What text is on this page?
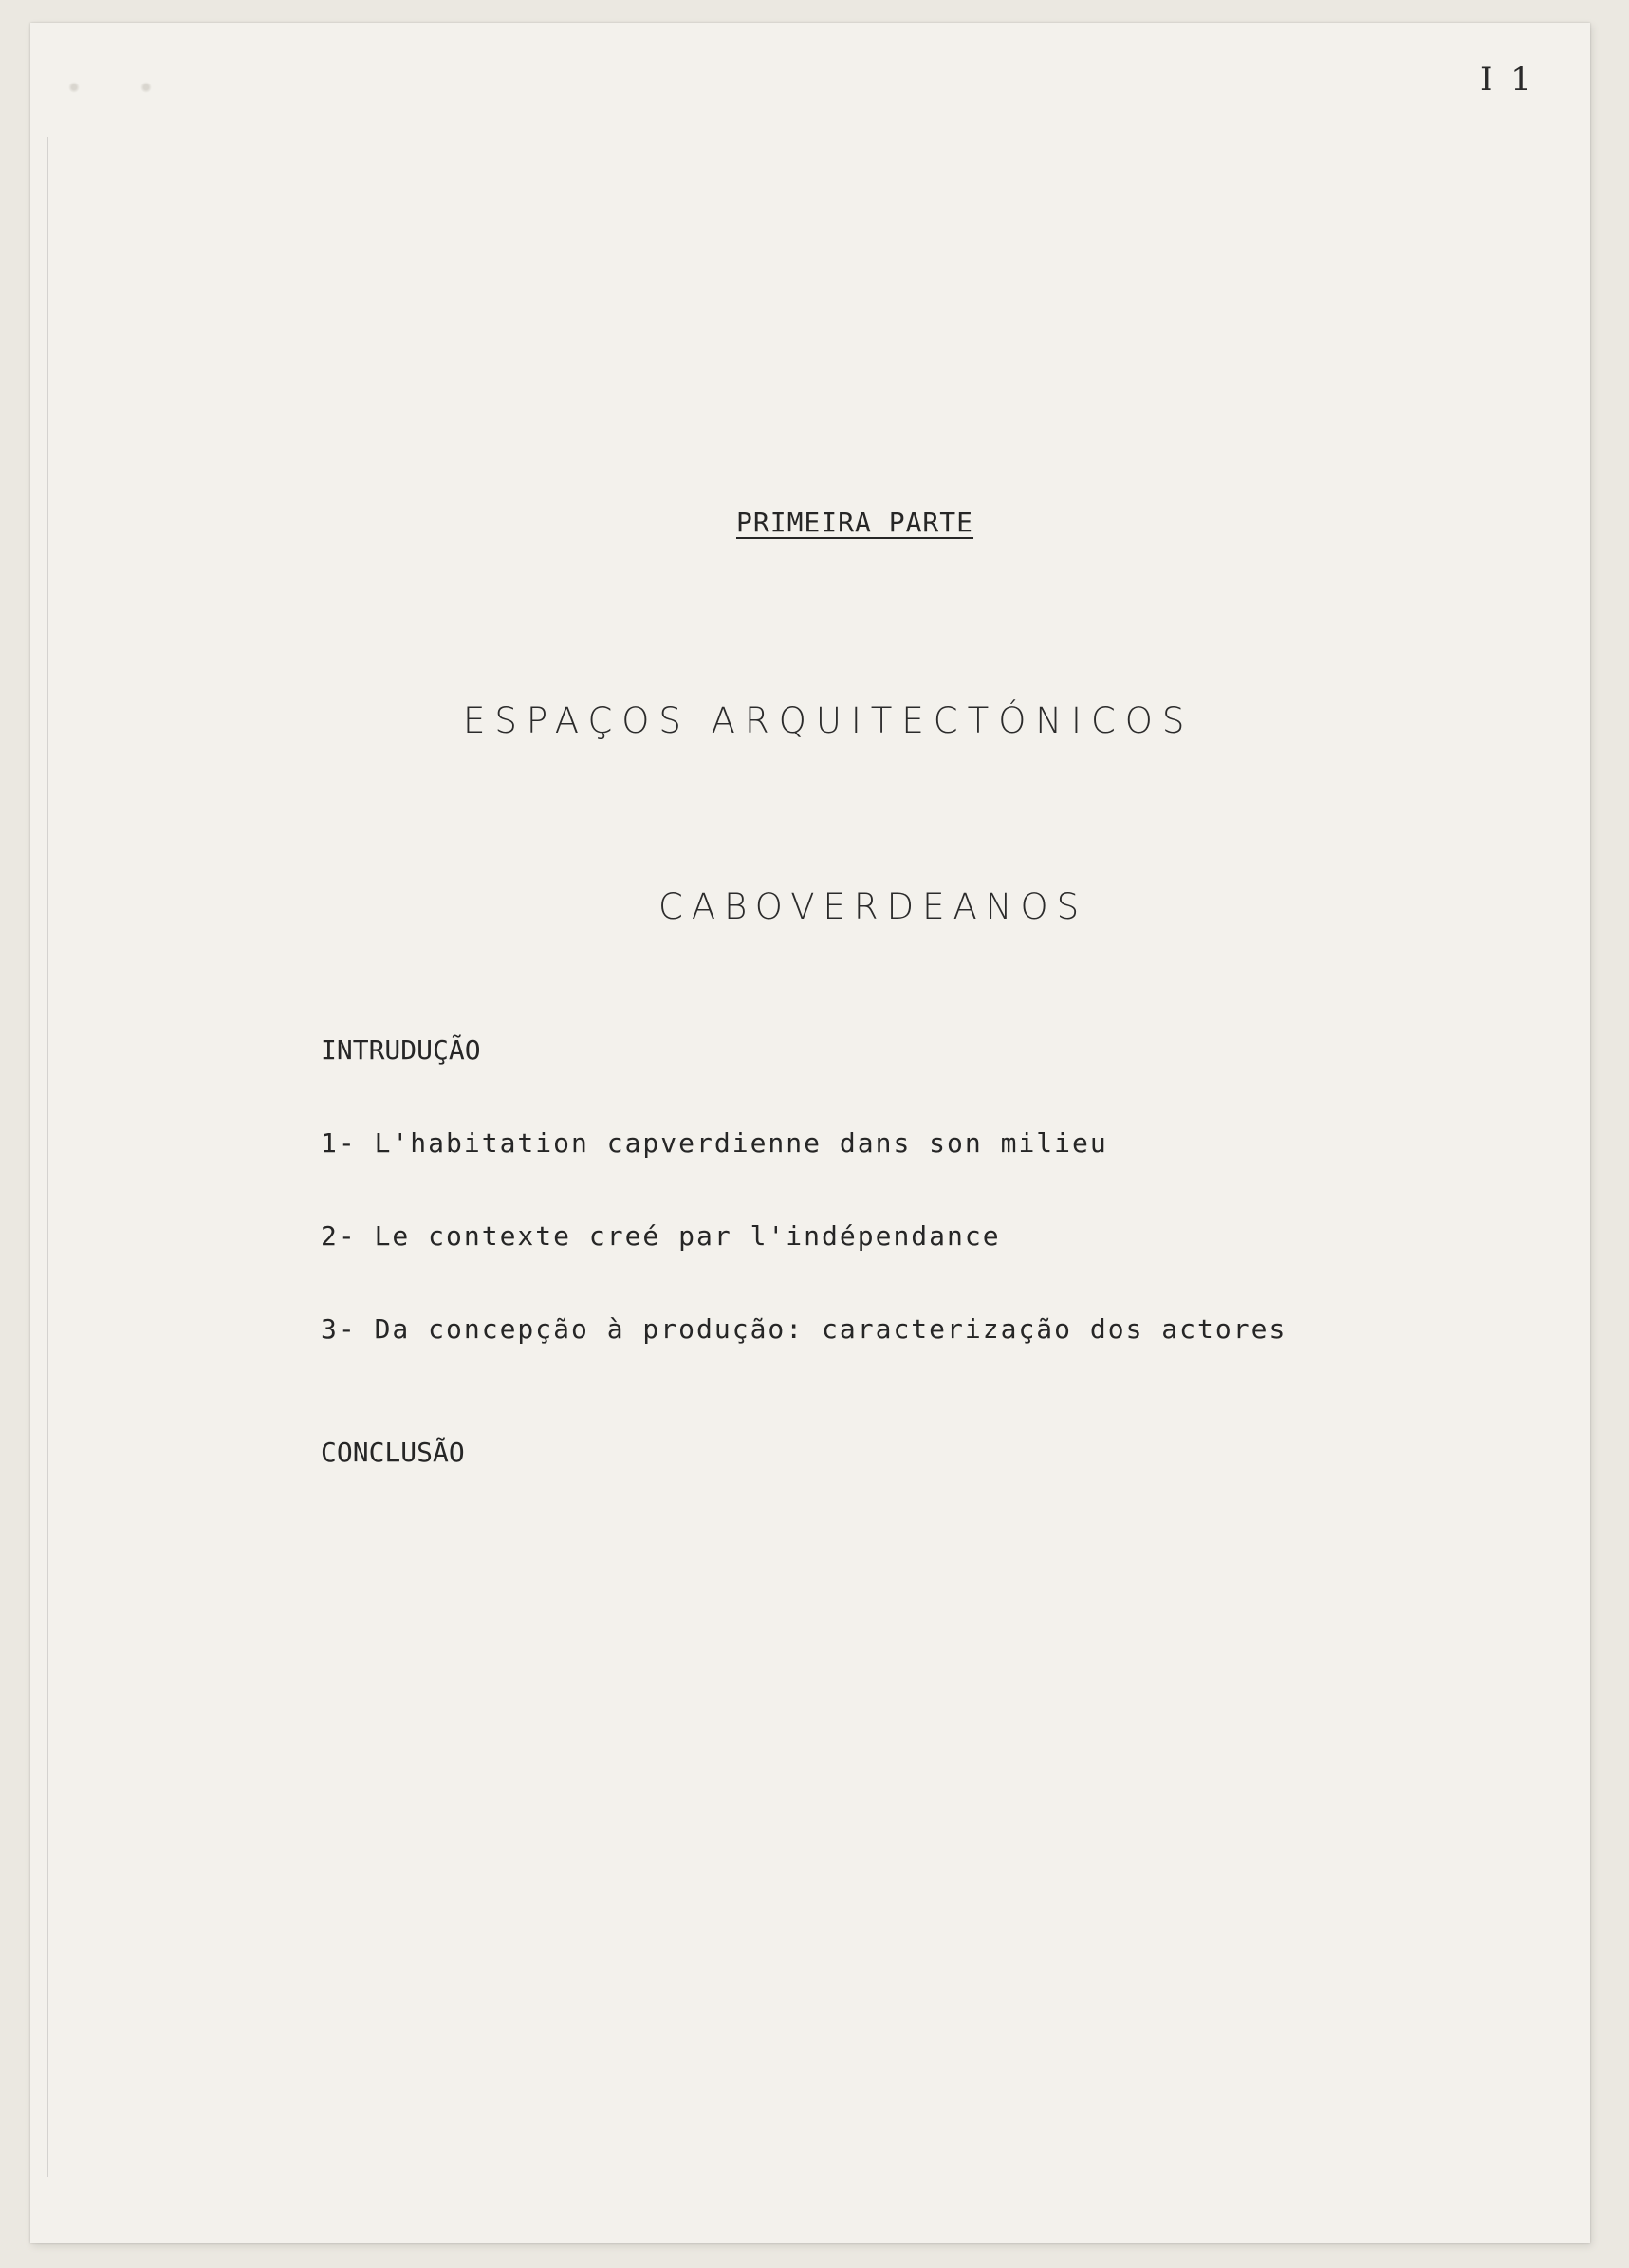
I 1
PRIMEIRA PARTE
ESPAÇOS ARQUITECTÓNICOS
CABOVERDEANOS
INTRUDUÇÃO
1- L'habitation capverdienne dans son milieu
2- Le contexte creé par l'indépendance
3- Da concepção à produção: caracterização dos actores
CONCLUSÃO
